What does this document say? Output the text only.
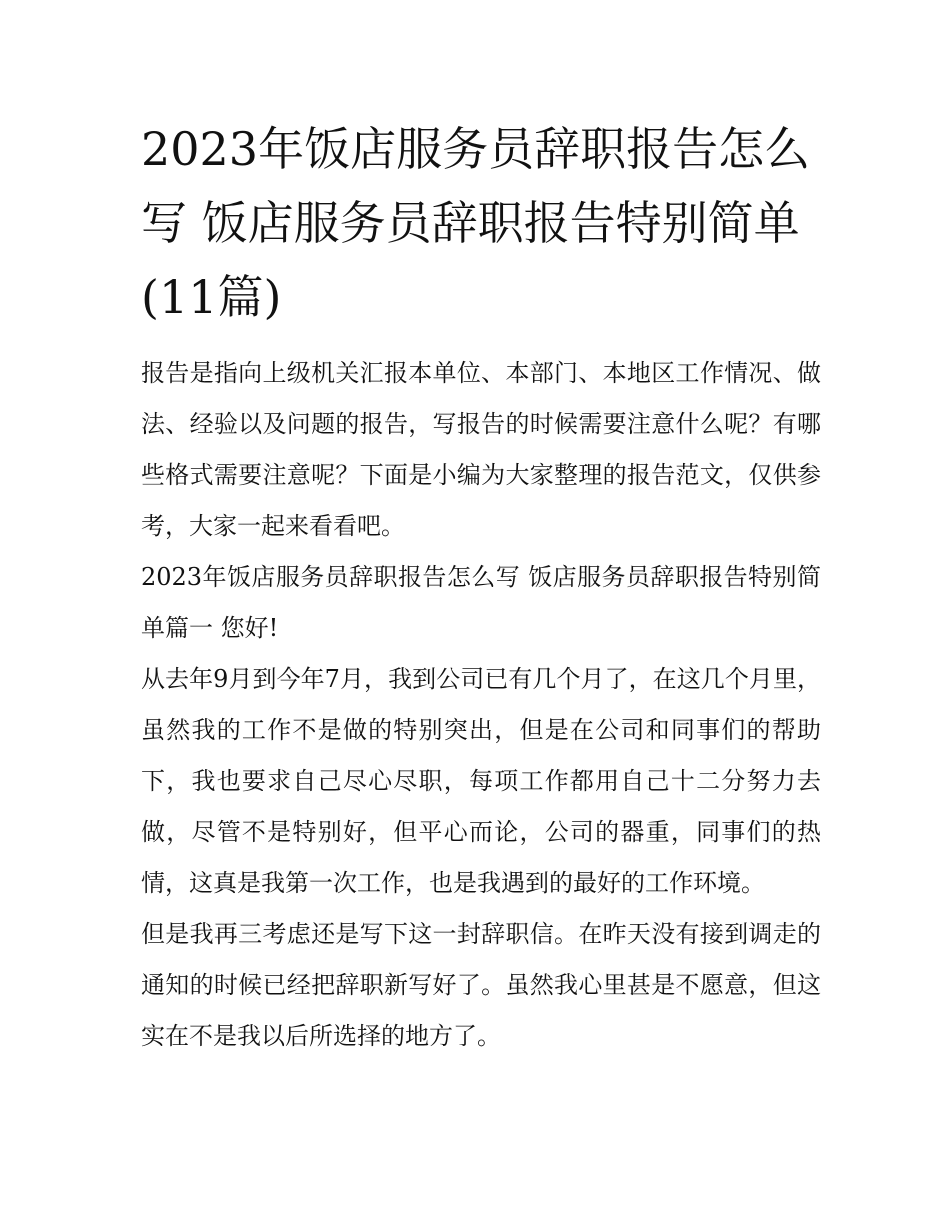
2023年饭店服务员辞职报告怎么写 饭店服务员辞职报告特别简单(11篇)

报告是指向上级机关汇报本单位、本部门、本地区工作情况、做法、经验以及问题的报告，写报告的时候需要注意什么呢？有哪些格式需要注意呢？下面是小编为大家整理的报告范文，仅供参考，大家一起来看看吧。

2023年饭店服务员辞职报告怎么写 饭店服务员辞职报告特别简单篇一 您好!

从去年9月到今年7月，我到公司已有几个月了，在这几个月里，虽然我的工作不是做的特别突出，但是在公司和同事们的帮助下，我也要求自己尽心尽职，每项工作都用自己十二分努力去做，尽管不是特别好，但平心而论，公司的器重，同事们的热情，这真是我第一次工作，也是我遇到的最好的工作环境。

但是我再三考虑还是写下这一封辞职信。在昨天没有接到调走的通知的时候已经把辞职新写好了。虽然我心里甚是不愿意，但这实在不是我以后所选择的地方了。
